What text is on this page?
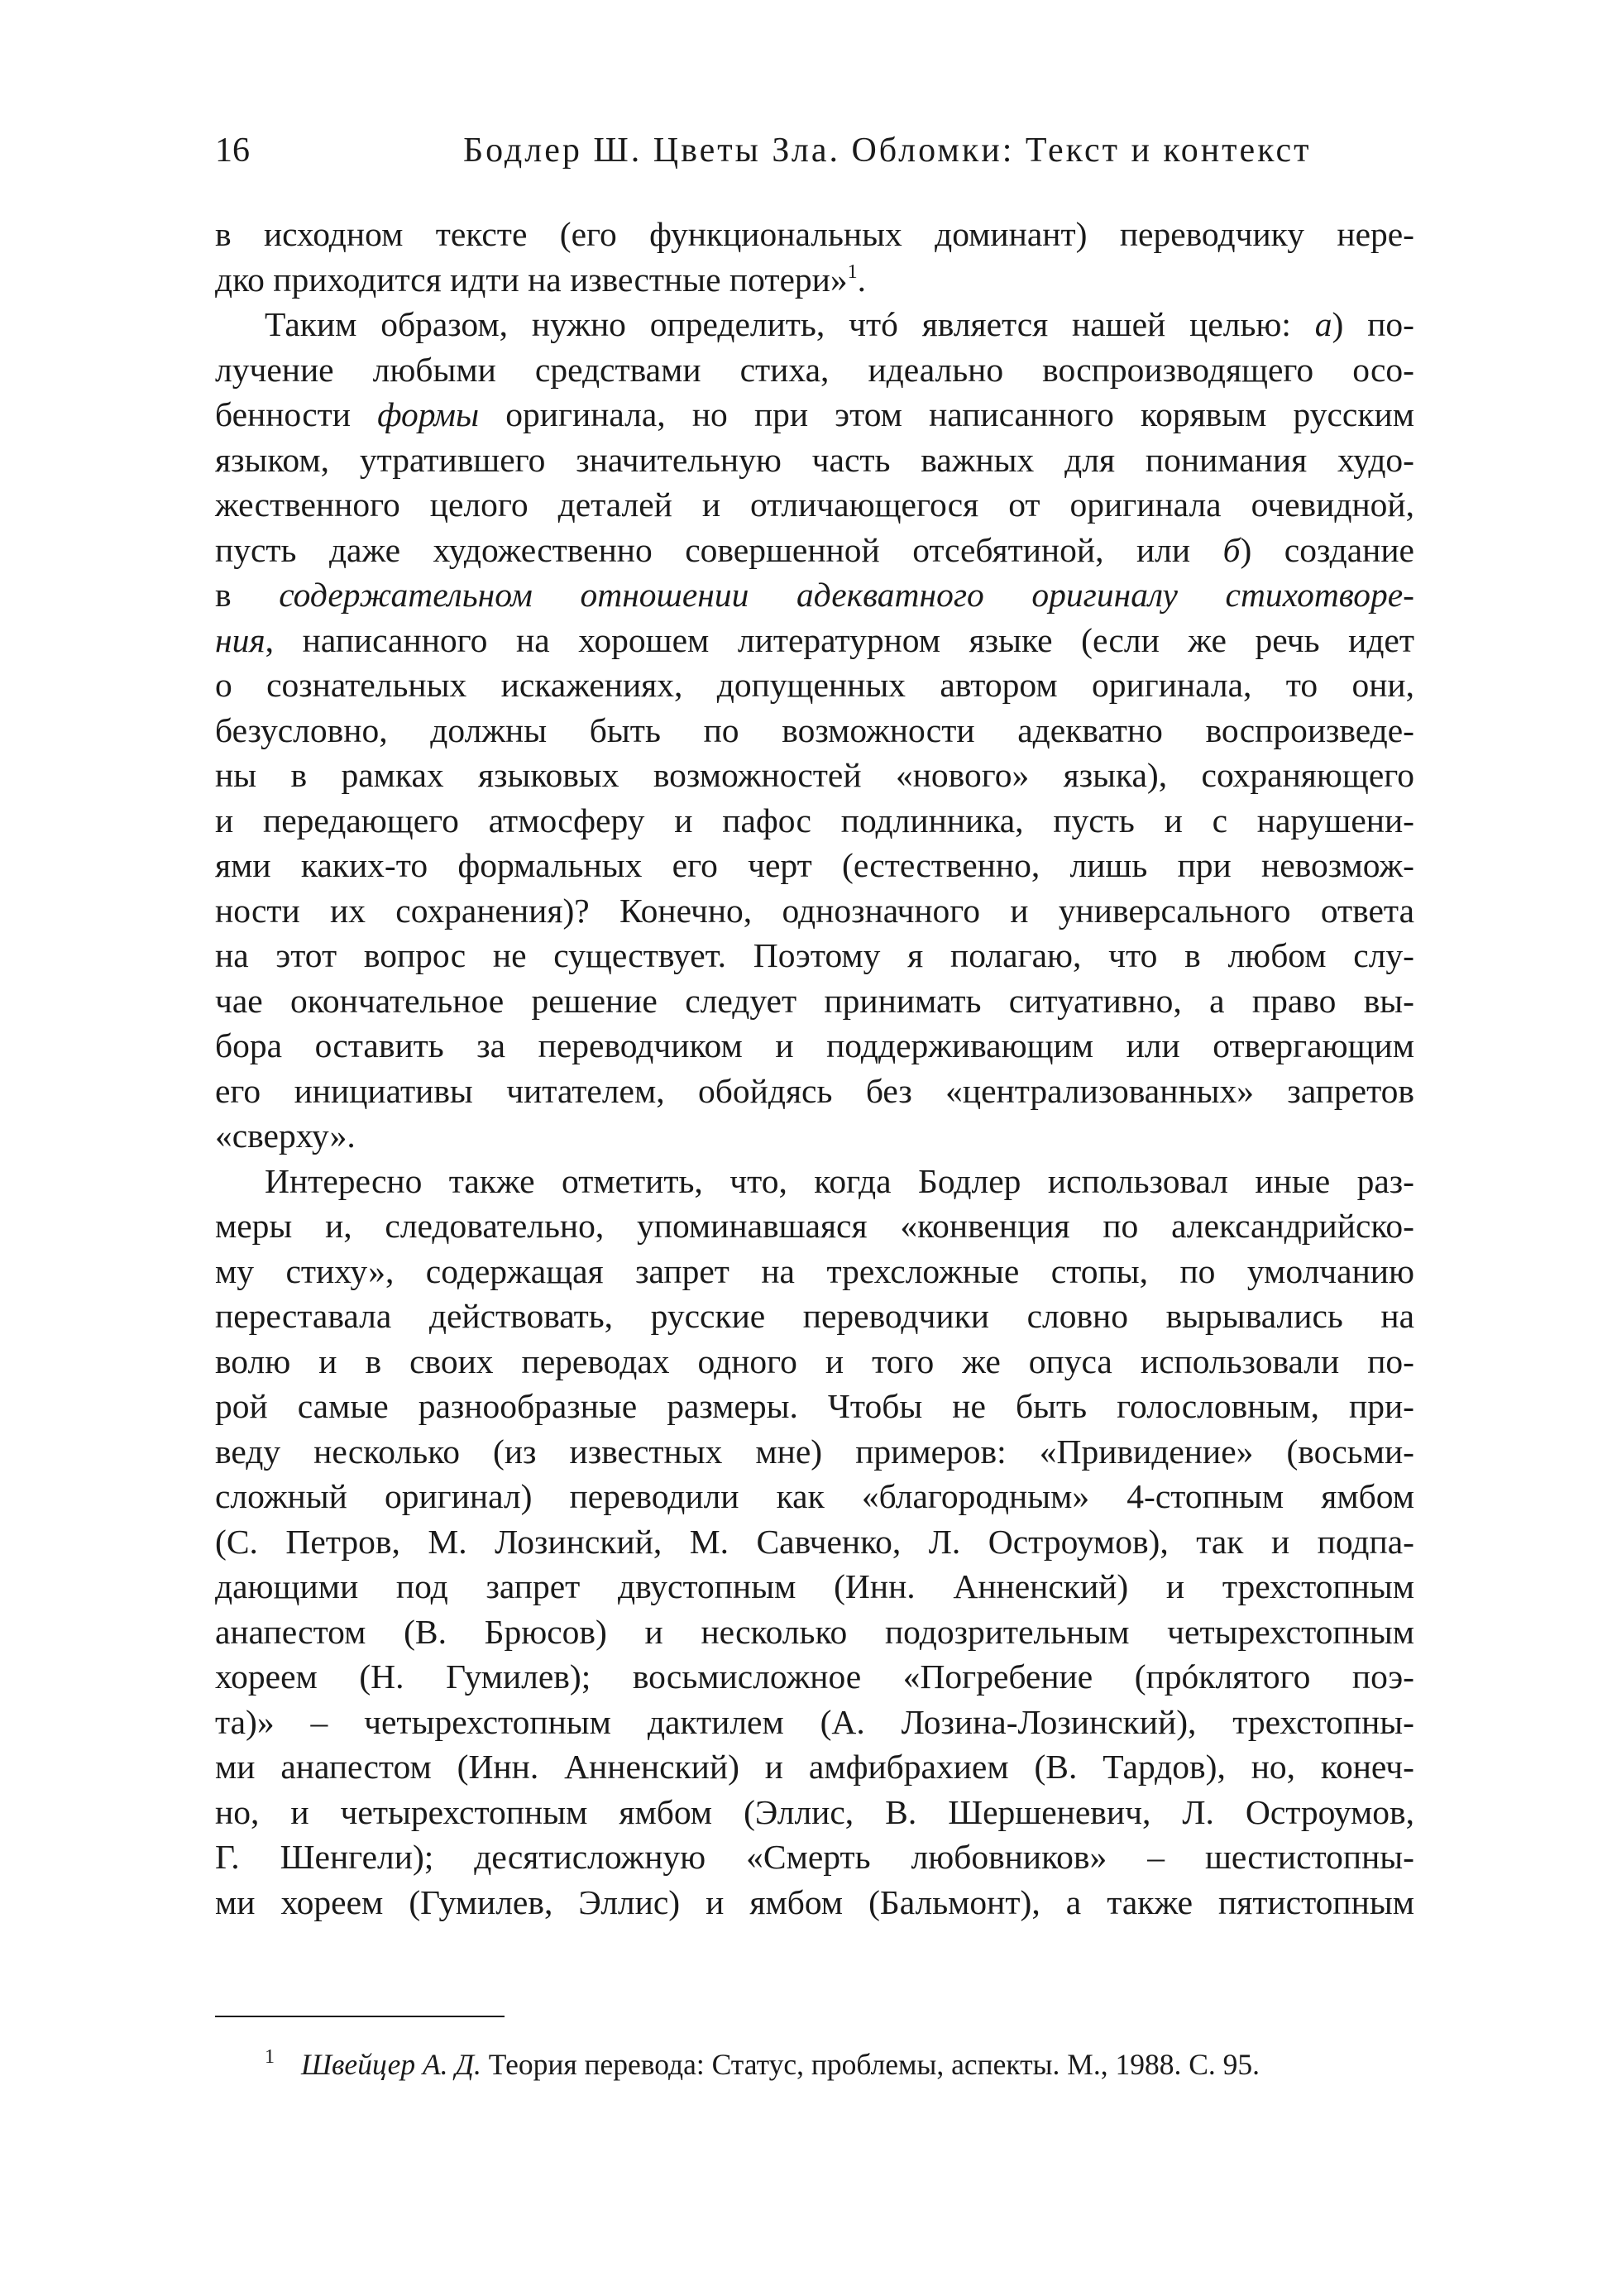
16	Бодлер Ш. Цветы Зла. Обломки: Текст и контекст
в исходном тексте (его функциональных доминант) переводчику нере-
дко приходится идти на известные потери»$^1$.
Таким образом, нужно определить, чтó является нашей целью: а) по-
лучение любыми средствами стиха, идеально воспроизводящего осо-
бенности формы оригинала, но при этом написанного корявым русским
языком, утратившего значительную часть важных для понимания худо-
жественного целого деталей и отличающегося от оригинала очевидной,
пусть даже художественно совершенной отсебятиной, или б) создание
в содержательном отношении адекватного оригиналу стихотворе-
ния, написанного на хорошем литературном языке (если же речь идет
о сознательных искажениях, допущенных автором оригинала, то они,
безусловно, должны быть по возможности адекватно воспроизведе-
ны в рамках языковых возможностей «нового» языка), сохраняющего
и передающего атмосферу и пафос подлинника, пусть и с нарушени-
ями каких-то формальных его черт (естественно, лишь при невозмож-
ности их сохранения)? Конечно, однозначного и универсального ответа
на этот вопрос не существует. Поэтому я полагаю, что в любом слу-
чае окончательное решение следует принимать ситуативно, а право вы-
бора оставить за переводчиком и поддерживающим или отвергающим
его инициативы читателем, обойдясь без «централизованных» запретов
«сверху».
Интересно также отметить, что, когда Бодлер использовал иные раз-
меры и, следовательно, упоминавшаяся «конвенция по александрийско-
му стиху», содержащая запрет на трехсложные стопы, по умолчанию
переставала действовать, русские переводчики словно вырывались на
волю и в своих переводах одного и того же опуса использовали по-
рой самые разнообразные размеры. Чтобы не быть голословным, при-
веду несколько (из известных мне) примеров: «Привидение» (восьми-
сложный оригинал) переводили как «благородным» 4-стопным ямбом
(С. Петров, М. Лозинский, М. Савченко, Л. Остроумов), так и подпа-
дающими под запрет двустопным (Инн. Анненский) и трехстопным
анапестом (В. Брюсов) и несколько подозрительным четырехстопным
хореем (Н. Гумилев); восьмисложное «Погребение (прóклятого поэ-
та)» – четырехстопным дактилем (А. Лозина-Лозинский), трехстопны-
ми анапестом (Инн. Анненский) и амфибрахием (В. Тардов), но, конеч-
но, и четырехстопным ямбом (Эллис, В. Шершеневич, Л. Остроумов,
Г. Шенгели); десятисложную «Смерть любовников» – шестистопны-
ми хореем (Гумилев, Эллис) и ямбом (Бальмонт), а также пятистопным
$^1$ Швейцер А. Д. Теория перевода: Статус, проблемы, аспекты. М., 1988. С. 95.
